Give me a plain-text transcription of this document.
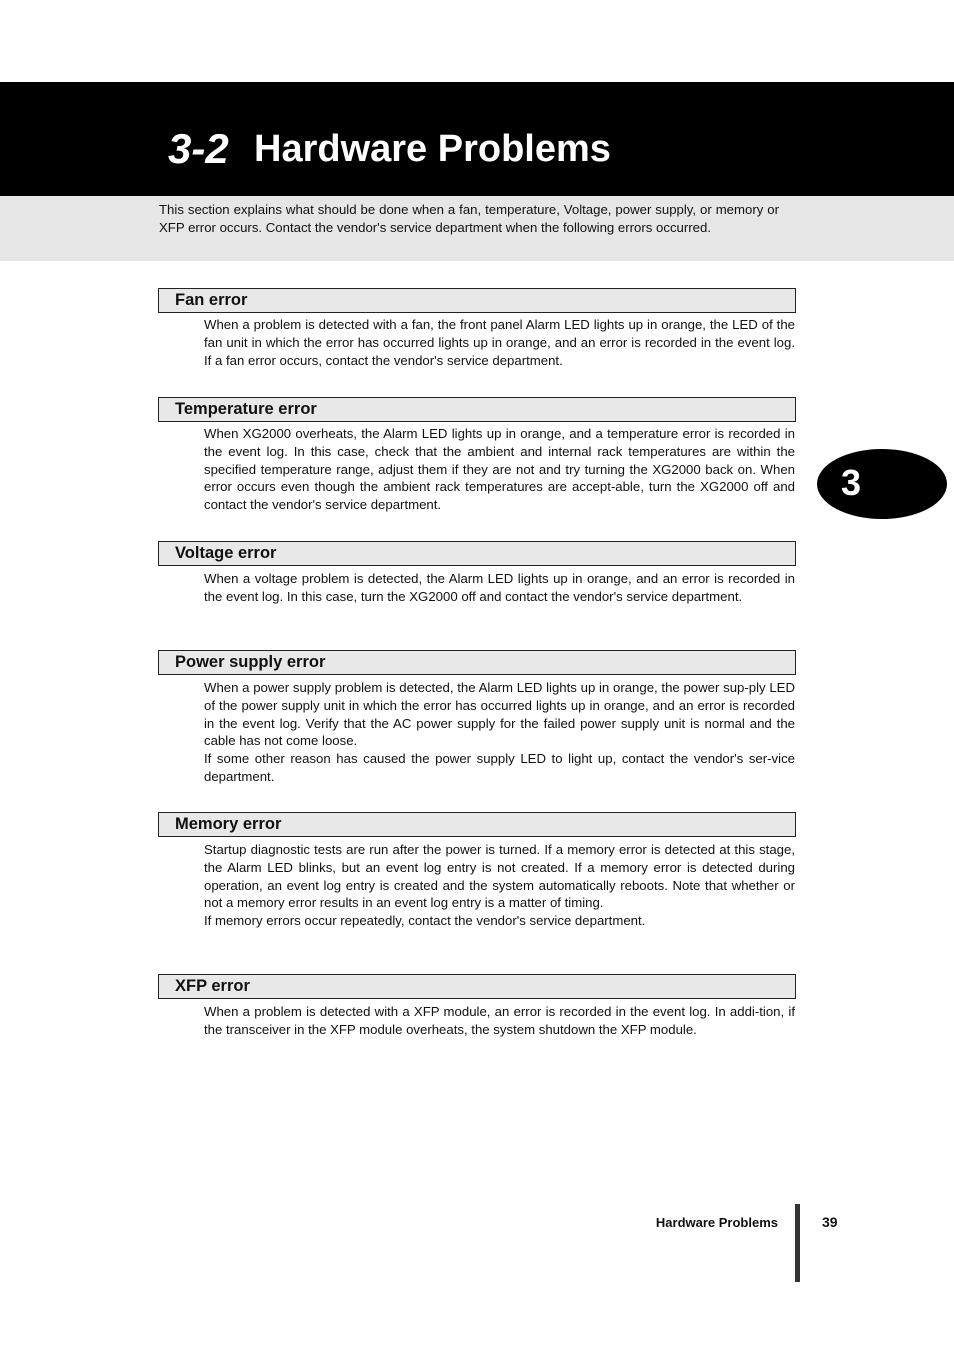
3-2 Hardware Problems

This section explains what should be done when a fan, temperature, Voltage, power supply, or memory or XFP error occurs. Contact the vendor's service department when the following errors occurred.

Fan error

When a problem is detected with a fan, the front panel Alarm LED lights up in orange, the LED of the fan unit in which the error has occurred lights up in orange, and an error is recorded in the event log. If a fan error occurs, contact the vendor's service department.

Temperature error

When XG2000 overheats, the Alarm LED lights up in orange, and a temperature error is recorded in the event log. In this case, check that the ambient and internal rack temperatures are within the specified temperature range, adjust them if they are not and try turning the XG2000 back on. When error occurs even though the ambient rack temperatures are accept-able, turn the XG2000 off and contact the vendor's service department.

Voltage error

When a voltage problem is detected, the Alarm LED lights up in orange, and an error is recorded in the event log. In this case, turn the XG2000 off and contact the vendor's service department.

Power supply error

When a power supply problem is detected, the Alarm LED lights up in orange, the power sup-ply LED of the power supply unit in which the error has occurred lights up in orange, and an error is recorded in the event log. Verify that the AC power supply for the failed power supply unit is normal and the cable has not come loose.

If some other reason has caused the power supply LED to light up, contact the vendor's ser-vice department.

Memory error

Startup diagnostic tests are run after the power is turned. If a memory error is detected at this stage, the Alarm LED blinks, but an event log entry is not created. If a memory error is detected during operation, an event log entry is created and the system automatically reboots. Note that whether or not a memory error results in an event log entry is a matter of timing.

If memory errors occur repeatedly, contact the vendor's service department.

XFP error

When a problem is detected with a XFP module, an error is recorded in the event log. In addi-tion, if the transceiver in the XFP module overheats, the system shutdown the XFP module.

3
Hardware Problems	39
